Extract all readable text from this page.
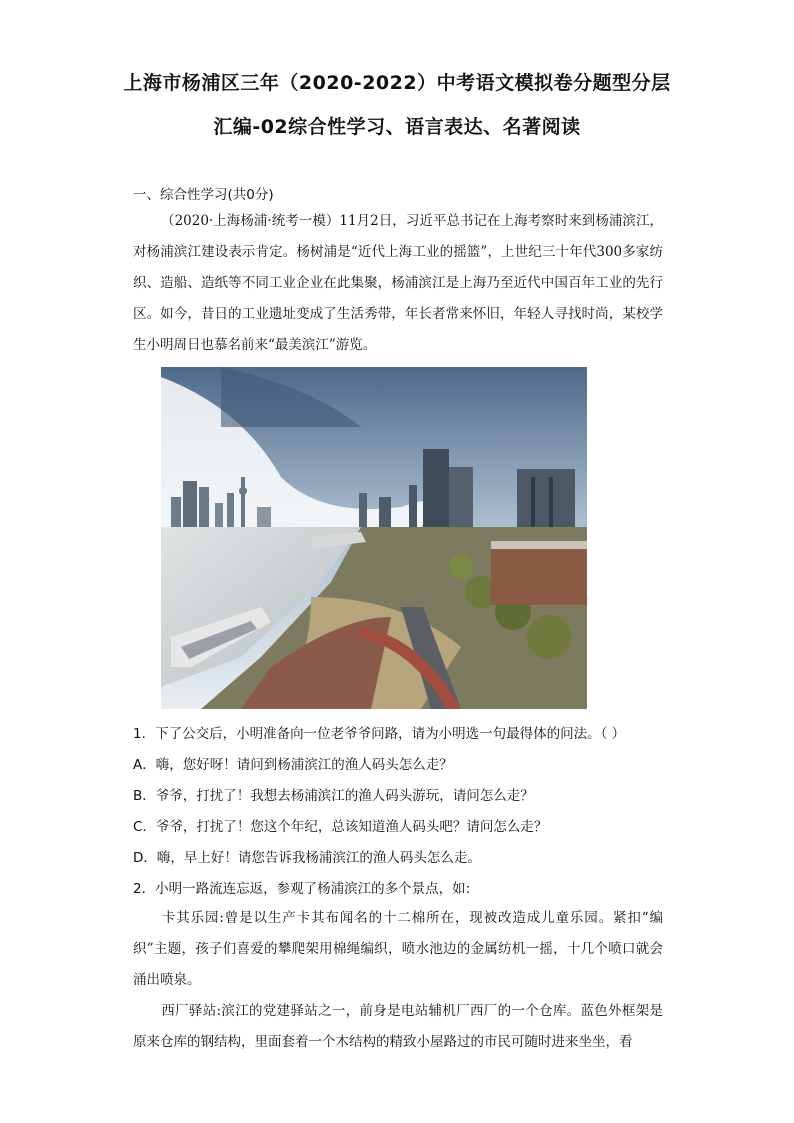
上海市杨浦区三年（2020-2022）中考语文模拟卷分题型分层
汇编-02综合性学习、语言表达、名著阅读
一、综合性学习(共0分)
（2020·上海杨浦·统考一模）11月2日，习近平总书记在上海考察时来到杨浦滨江，对杨浦滨江建设表示肯定。杨树浦是“近代上海工业的摇篮”，上世纪三十年代300多家纺织、造船、造纸等不同工业企业在此集聚，杨浦滨江是上海乃至近代中国百年工业的先行区。如今，昔日的工业遗址变成了生活秀带，年长者常来怀旧，年轻人寻找时尚，某校学生小明周日也慕名前来“最美滨江”游览。
1．下了公交后，小明准备向一位老爷爷问路，请为小明选一句最得体的问法。（ ）
A．嗨，您好呀！请问到杨浦滨江的渔人码头怎么走？
B．爷爷，打扰了！我想去杨浦滨江的渔人码头游玩，请问怎么走？
C．爷爷，打扰了！您这个年纪，总该知道渔人码头吧？请问怎么走？
D．嗨，早上好！请您告诉我杨浦滨江的渔人码头怎么走。
2．小明一路流连忘返，参观了杨浦滨江的多个景点，如:
卡其乐园:曾是以生产卡其布闻名的十二棉所在，现被改造成儿童乐园。紧扣“编织”主题，孩子们喜爱的攀爬架用棉绳编织，喷水池边的金属纺机一摇，十几个喷口就会涌出喷泉。
西厂驿站:滨江的党建驿站之一，前身是电站辅机厂西厂的一个仓库。蓝色外框架是原来仓库的钢结构，里面套着一个木结构的精致小屋路过的市民可随时进来坐坐，看
